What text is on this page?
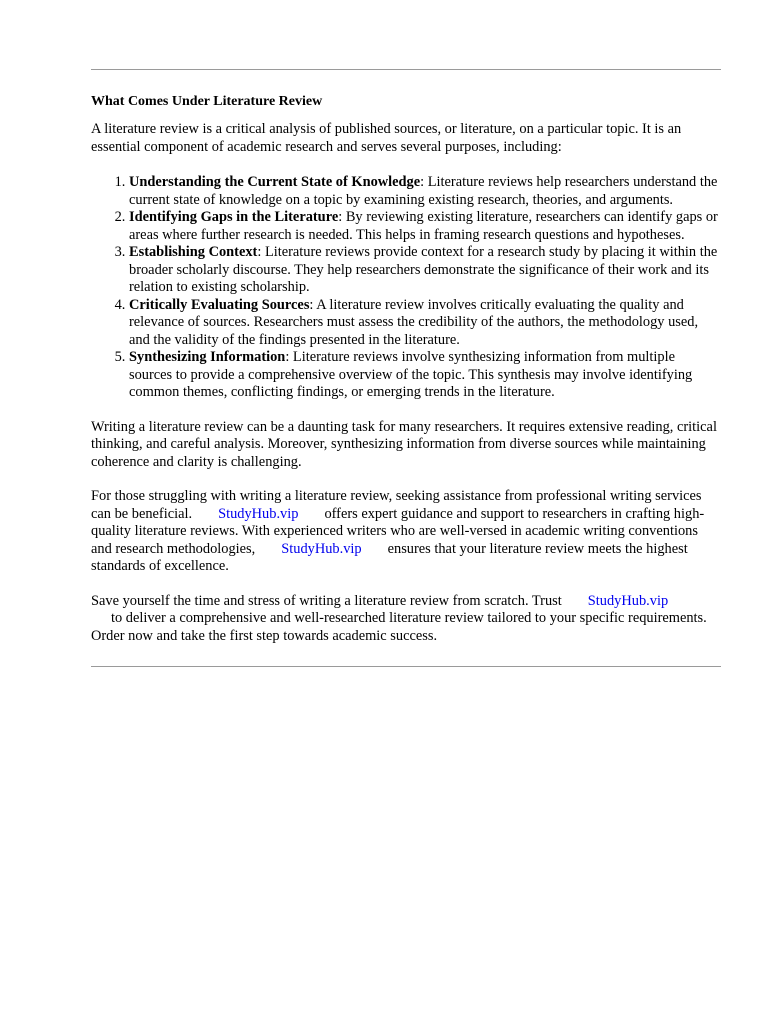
What Comes Under Literature Review

A literature review is a critical analysis of published sources, or literature, on a particular topic. It is an essential component of academic research and serves several purposes, including:

1. Understanding the Current State of Knowledge: Literature reviews help researchers understand the current state of knowledge on a topic by examining existing research, theories, and arguments.
2. Identifying Gaps in the Literature: By reviewing existing literature, researchers can identify gaps or areas where further research is needed. This helps in framing research questions and hypotheses.
3. Establishing Context: Literature reviews provide context for a research study by placing it within the broader scholarly discourse. They help researchers demonstrate the significance of their work and its relation to existing scholarship.
4. Critically Evaluating Sources: A literature review involves critically evaluating the quality and relevance of sources. Researchers must assess the credibility of the authors, the methodology used, and the validity of the findings presented in the literature.
5. Synthesizing Information: Literature reviews involve synthesizing information from multiple sources to provide a comprehensive overview of the topic. This synthesis may involve identifying common themes, conflicting findings, or emerging trends in the literature.

Writing a literature review can be a daunting task for many researchers. It requires extensive reading, critical thinking, and careful analysis. Moreover, synthesizing information from diverse sources while maintaining coherence and clarity is challenging.

For those struggling with writing a literature review, seeking assistance from professional writing services can be beneficial. StudyHub.vip offers expert guidance and support to researchers in crafting high-quality literature reviews. With experienced writers who are well-versed in academic writing conventions and research methodologies, StudyHub.vip ensures that your literature review meets the highest standards of excellence.

Save yourself the time and stress of writing a literature review from scratch. Trust StudyHub.vip
to deliver a comprehensive and well-researched literature review tailored to your specific requirements. Order now and take the first step towards academic success.
